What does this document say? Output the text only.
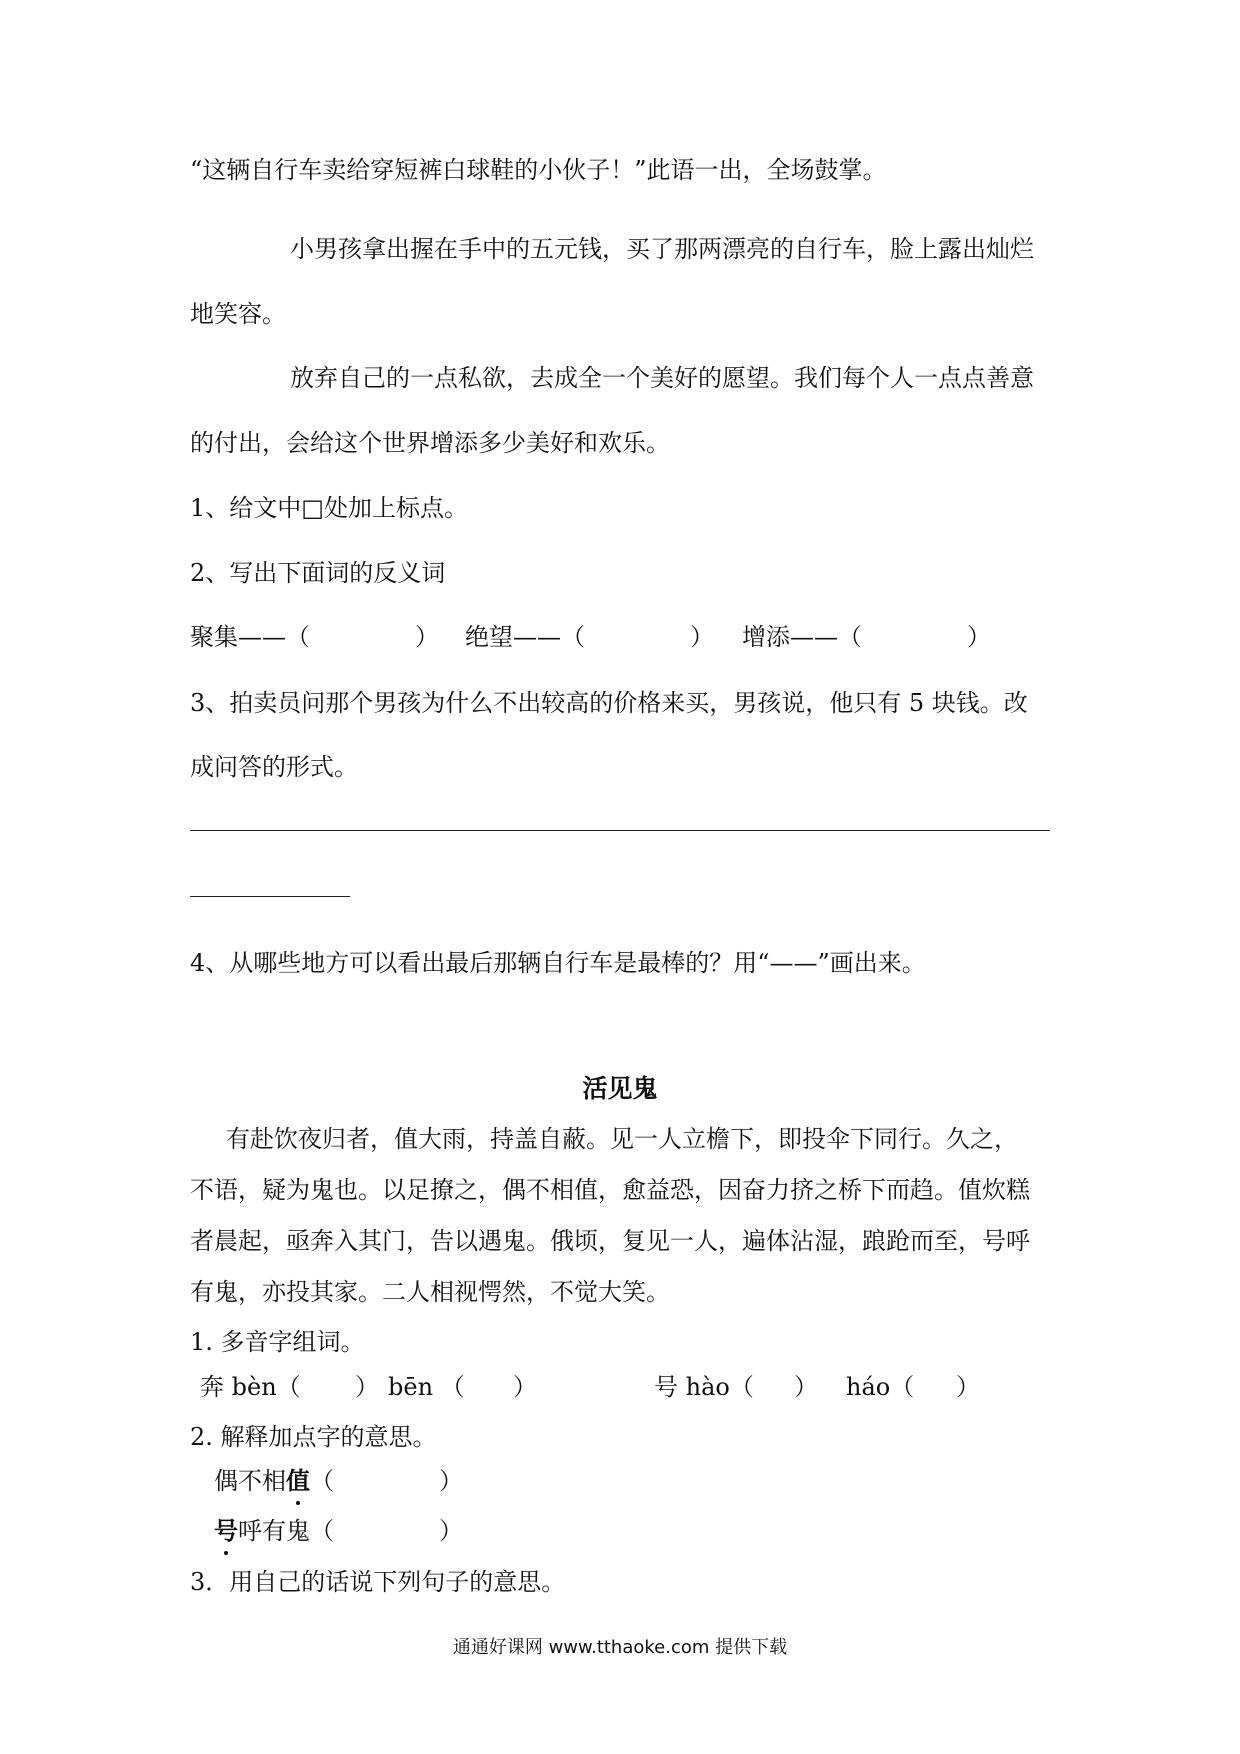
“这辆自行车卖给穿短裤白球鞋的小伙子！”此语一出，全场鼓掌。
小男孩拿出握在手中的五元钱，买了那两漂亮的自行车，脸上露出灿烂
地笑容。
放弃自己的一点私欲，去成全一个美好的愿望。我们每个人一点点善意
的付出，会给这个世界增添多少美好和欢乐。
1、给文中□处加上标点。
2、写出下面词的反义词
聚集——（	） 绝望——（	） 增添——（	）
3、拍卖员问那个男孩为什么不出较高的价格来买，男孩说，他只有 5 块钱。改
成问答的形式。
4、从哪些地方可以看出最后那辆自行车是最棒的？用“——”画出来。
活见鬼
有赴饮夜归者，值大雨，持盖自蔽。见一人立檐下，即投伞下同行。久之，
不语，疑为鬼也。以足撩之，偶不相值，愈益恐，因奋力挤之桥下而趋。值炊糕
者晨起，亟奔入其门，告以遇鬼。俄顷，复见一人，遍体沾湿，踉跄而至，号呼
有鬼，亦投其家。二人相视愕然，不觉大笑。
1. 多音字组词。
奔 bèn（ ） bēn （ ）	号 hào（ ） háo（ ）
2. 解释加点字的意思。
偶不相值（	）
号呼有鬼（	）
3．用自己的话说下列句子的意思。
通通好课网 www.tthaoke.com 提供下载
